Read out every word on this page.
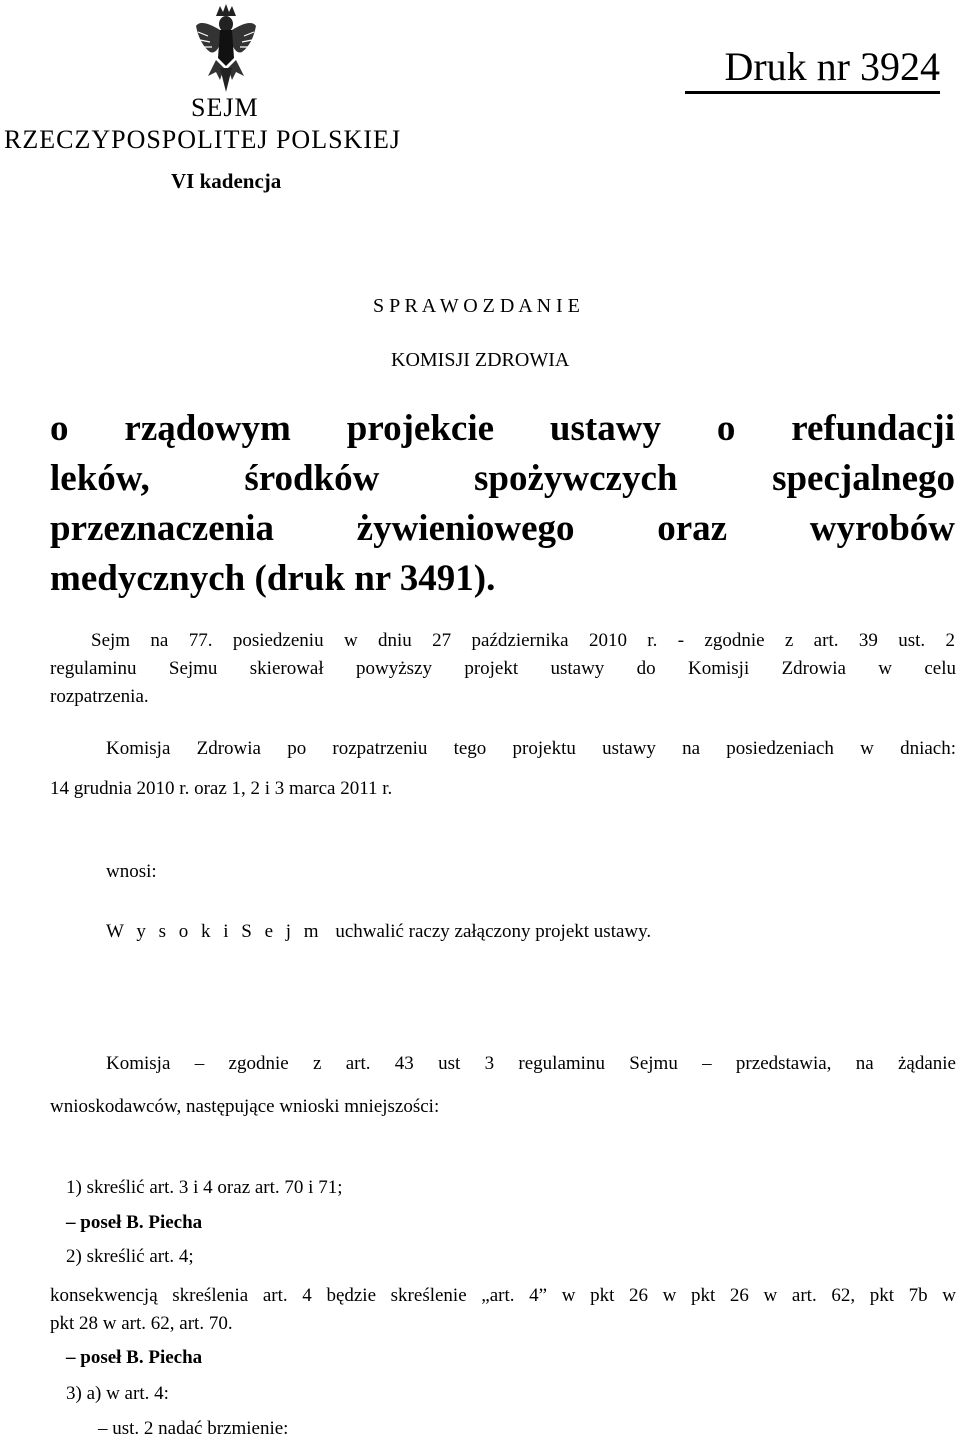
SEJM
RZECZYPOSPOLITEJ POLSKIEJ
VI kadencja
Druk nr 3924
S P R A W O Z D A N I E
KOMISJI ZDROWIA
o rządowym projekcie ustawy o refundacji
leków, środków spożywczych specjalnego
przeznaczenia żywieniowego oraz wyrobów
medycznych (druk nr 3491).
Sejm na 77. posiedzeniu w dniu 27 października 2010 r. - zgodnie z art. 39 ust. 2
regulaminu Sejmu skierował powyższy projekt ustawy do Komisji Zdrowia w celu
rozpatrzenia.
Komisja Zdrowia po rozpatrzeniu tego projektu ustawy na posiedzeniach w dniach:
14 grudnia 2010 r. oraz 1, 2 i 3 marca 2011 r.
wnosi:
W y s o k i S e j m uchwalić raczy załączony projekt ustawy.
Komisja – zgodnie z art. 43 ust 3 regulaminu Sejmu – przedstawia, na żądanie
wnioskodawców, następujące wnioski mniejszości:
1) skreślić art. 3 i 4 oraz art. 70 i 71;
– poseł B. Piecha
2) skreślić art. 4;
konsekwencją skreślenia art. 4 będzie skreślenie „art. 4” w pkt 26 w pkt 26 w art. 62, pkt 7b w
pkt 28 w art. 62, art. 70.
– poseł B. Piecha
3) a) w art. 4:
– ust. 2 nadać brzmienie:
